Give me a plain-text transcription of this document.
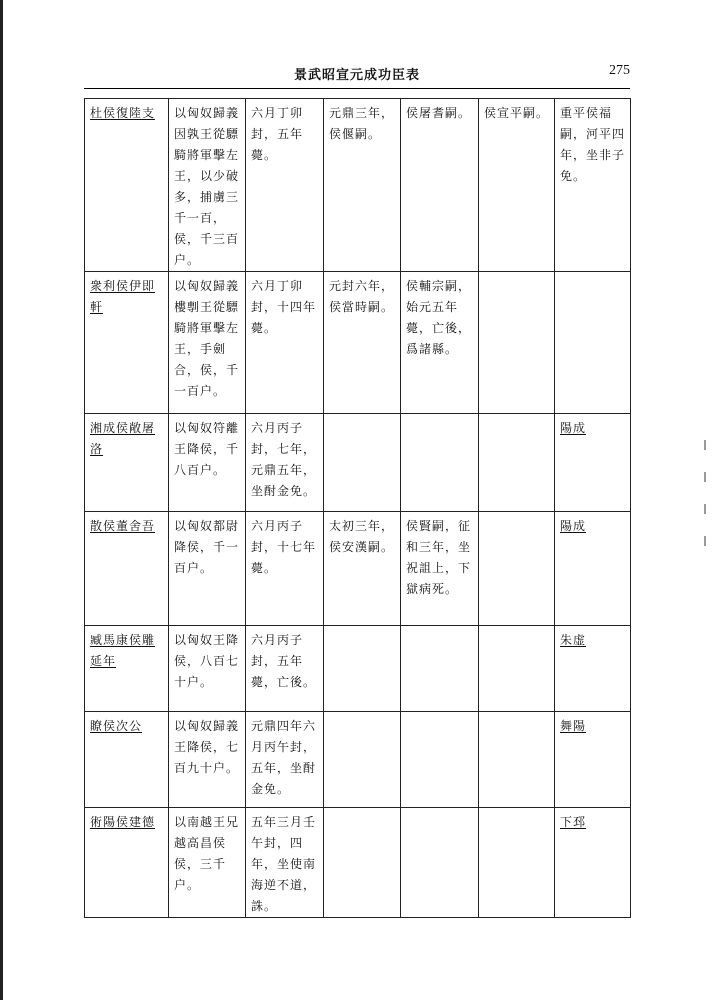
景武昭宣元成功臣表	275
杜侯復陸支	以匈奴歸義因孰王從驃騎將軍擊左王，以少破多，捕虜三千一百，侯，千三百户。	六月丁卯封，五年薨。	元鼎三年，侯偃嗣。	侯屠耆嗣。	侯宣平嗣。	重平侯福嗣，河平四年，坐非子免。
衆利侯伊即軒	以匈奴歸義樓剸王從驃騎將軍擊左王，手劍合，侯，千一百户。	六月丁卯封，十四年薨。	元封六年，侯當時嗣。	侯輔宗嗣，始元五年薨，亡後，爲諸縣。		
湘成侯敞屠洛	以匈奴符離王降侯，千八百户。	六月丙子封，七年，元鼎五年，坐酎金免。				陽成
散侯董舍吾	以匈奴都尉降侯，千一百户。	六月丙子封，十七年薨。	太初三年，侯安漢嗣。	侯賢嗣，征和三年，坐祝詛上，下獄病死。		陽成
臧馬康侯雕延年	以匈奴王降侯，八百七十户。	六月丙子封，五年薨，亡後。				朱虚
瞭侯次公	以匈奴歸義王降侯，七百九十户。	元鼎四年六月丙午封，五年，坐酎金免。				舞陽
術陽侯建德	以南越王兄越高昌侯侯，三千户。	五年三月壬午封，四年，坐使南海逆不道，誅。				下邳
